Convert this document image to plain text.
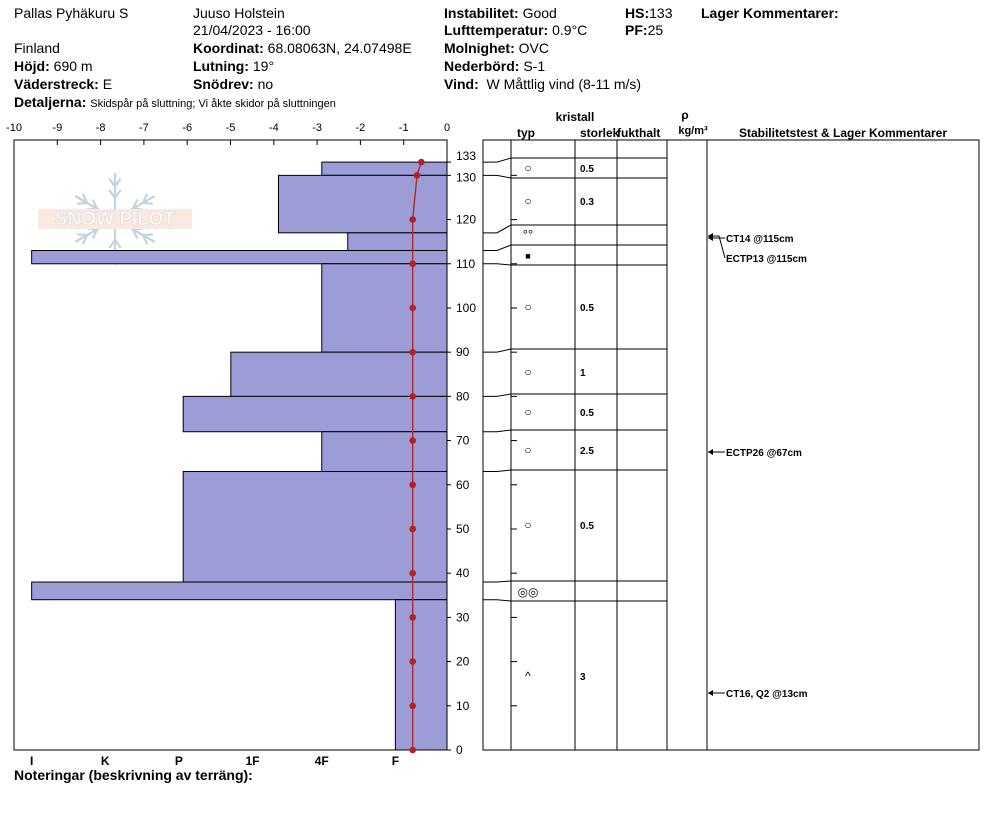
Pallas Pyhäkuru S
Finland
Höjd: 690 m
Väderstreck: E
Detaljerna: Skidspår på sluttning; Vi åkte skidor på sluttningen
Juuso Holstein
21/04/2023 - 16:00
Koordinat: 68.08063N, 24.07498E
Lutning: 19°
Snödrev: no
Instabilitet: Good
Lufttemperatur: 0.9°C
Molnighet: OVC
Nederbörd: S-1
Vind: W Måttlig vind (8-11 m/s)
HS:133
PF:25
Lager Kommentarer:
Noteringar (beskrivning av terräng):
SNOW PILOT
-10	-9	-8	-7	-6	-5	-4	-3	-2	-1	0
0
10
20
30
40
50
60
70
80
90
100
110
120
130
133
I	K	P	1F	4F	F
typ
kristall
storlek
fukthalt
ρ
kg/m³	Stabilitetstest & Lager Kommentarer
○	0.5
○	0.3
°°
■
○	0.5
○	1
○	0.5
○	2.5
○	0.5
◎◎
^	3
CT14 @115cm
ECTP13 @115cm
ECTP26 @67cm
CT16, Q2 @13cm
